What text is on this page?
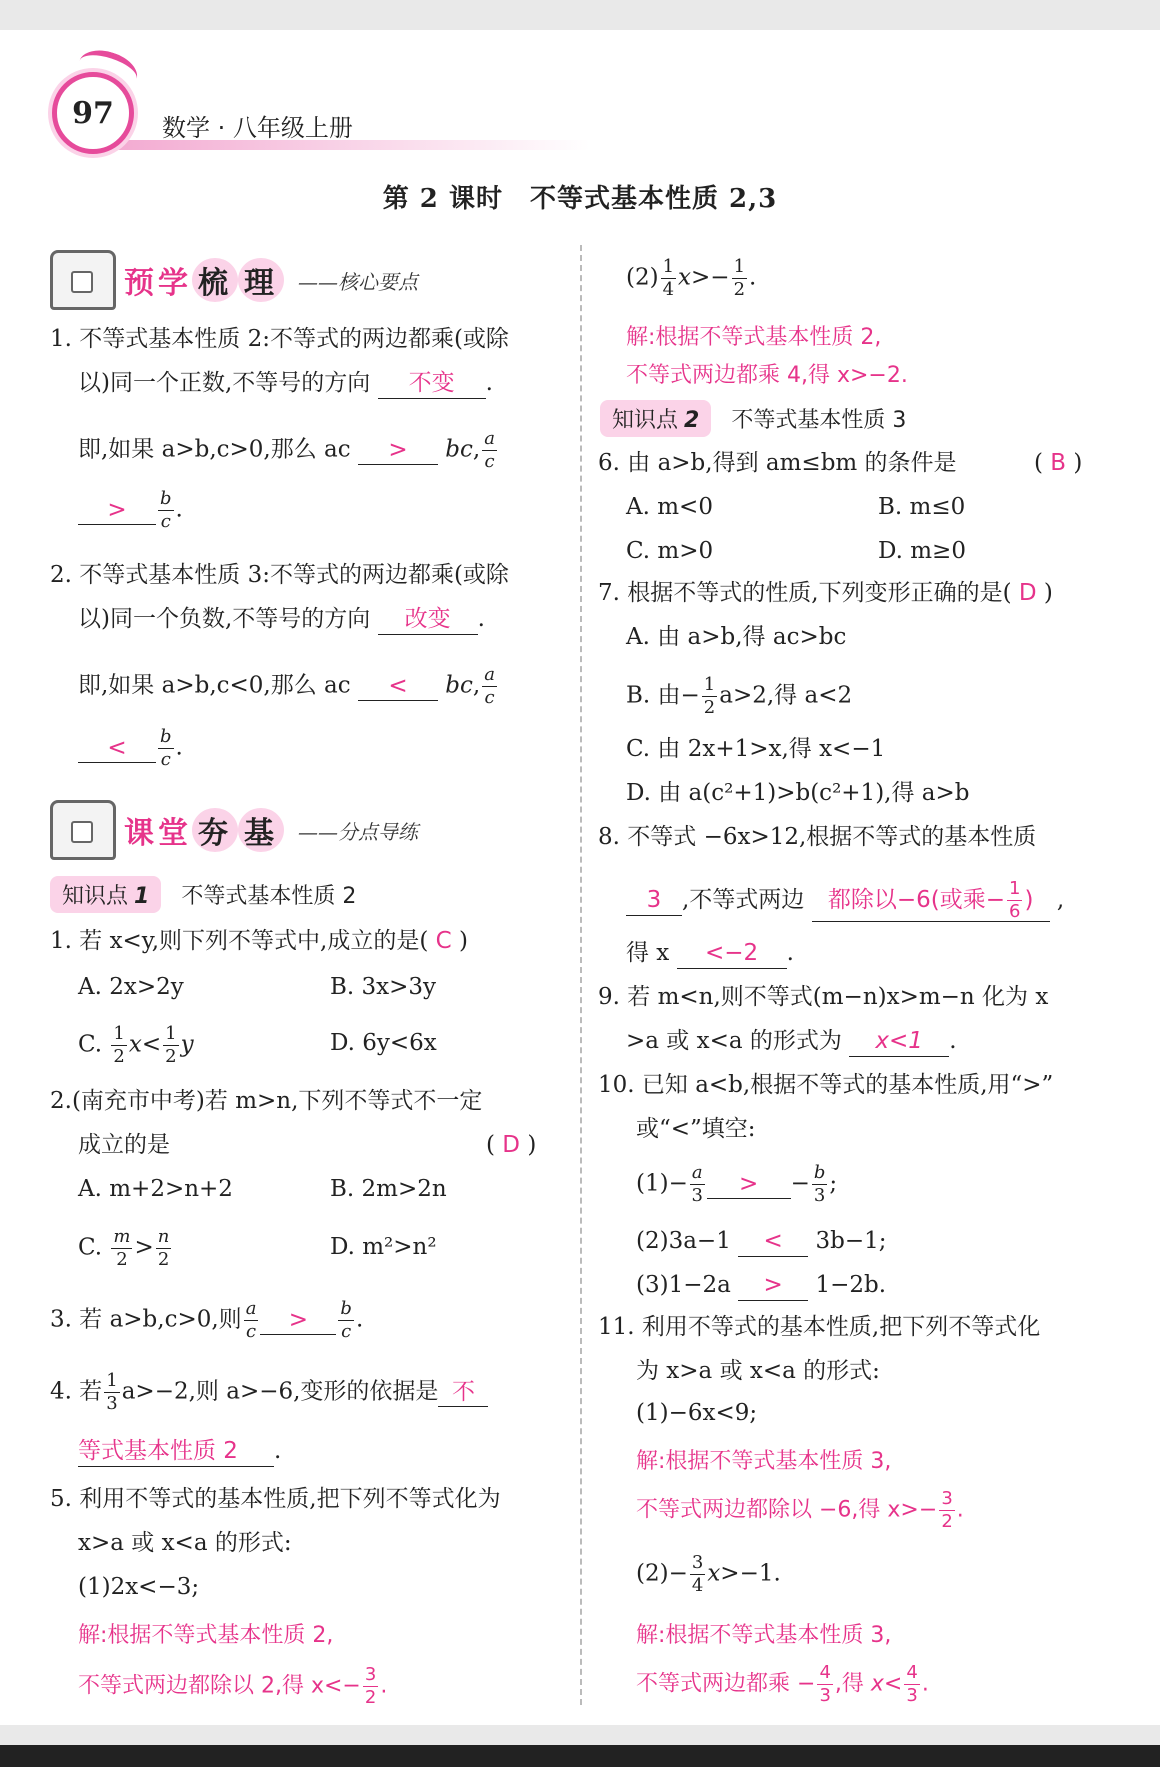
97 数学 · 八年级上册
第 2 课时　不等式基本性质 2,3
预学 梳 理	——核心要点
1. 不等式基本性质 2:不等式的两边都乘(或除
以)同一个正数,不等号的方向 不变 .
即,如果 a>b,c>0,那么 ac > bc, $\frac{a}{c}$
> $\frac{b}{c}$ .
2. 不等式基本性质 3:不等式的两边都乘(或除
以)同一个负数,不等号的方向 改变 .
即,如果 a>b,c<0,那么 ac < bc, $\frac{a}{c}$
< $\frac{b}{c}$ .
课堂 夯 基	——分点导练
知识点 1	不等式基本性质 2
1. 若 x<y,则下列不等式中,成立的是( C )
A. 2x>2y	B. 3x>3y
C. $\frac{1}{2} x< \frac{1}{2}$ y	D. 6y<6x
2.(南充市中考)若 m>n,下列不等式不一定
成立的是	( D )
A. m+2>n+2	B. 2m>2n
C. $\frac{m}{2} > \frac{n}{2}$	D. m²>n²
3. 若 a>b,c>0,则 $\frac{a}{c} > \frac{b}{c}$ .
4. 若 $\frac{1}{3} a>-2$,则 a>−6,变形的依据是 不
等式基本性质 2 .
5. 利用不等式的基本性质,把下列不等式化为
x>a 或 x<a 的形式:
(1)2x<−3;
解:根据不等式基本性质 2,
不等式两边都除以 2,得 $x<- \frac{3}{2}$ .
$(2) \frac{1}{4} x>- \frac{1}{2}$ .
解:根据不等式基本性质 2,
不等式两边都乘 4,得 x>−2.
知识点 2	不等式基本性质 3
6. 由 a>b,得到 am≤bm 的条件是	( B )
A. m<0	B. m≤0
C. m>0	D. m≥0
7. 根据不等式的性质,下列变形正确的是( D )
A. 由 a>b,得 ac>bc
B. 由− $\frac{1}{2} a>2$,得 a<2
C. 由 2x+1>x,得 x<−1
D. 由 a(c²+1)>b(c²+1),得 a>b
8. 不等式 −6x>12,根据不等式的基本性质
3 ,不等式两边 都除以−6(或乘− $\frac{1}{6}$ ) ,
得 x <−2 .
9. 若 m<n,则不等式(m−n)x>m−n 化为 x
>a 或 x<a 的形式为 x<1 .
10. 已知 a<b,根据不等式的基本性质,用“>”
或“<”填空:
$(1)- \frac{a}{3}$ > − $\frac{b}{3}$ ;
(2)3a−1 < 3b−1;
(3)1−2a > 1−2b.
11. 利用不等式的基本性质,把下列不等式化
为 x>a 或 x<a 的形式:
(1)−6x<9;
解:根据不等式基本性质 3,
不等式两边都除以 −6,得 $x>- \frac{3}{2}$ .
$(2)- \frac{3}{4} x>-1$.
解:根据不等式基本性质 3,
不等式两边都乘 − $\frac{4}{3}$ ,得 $x< \frac{4}{3}$ .
